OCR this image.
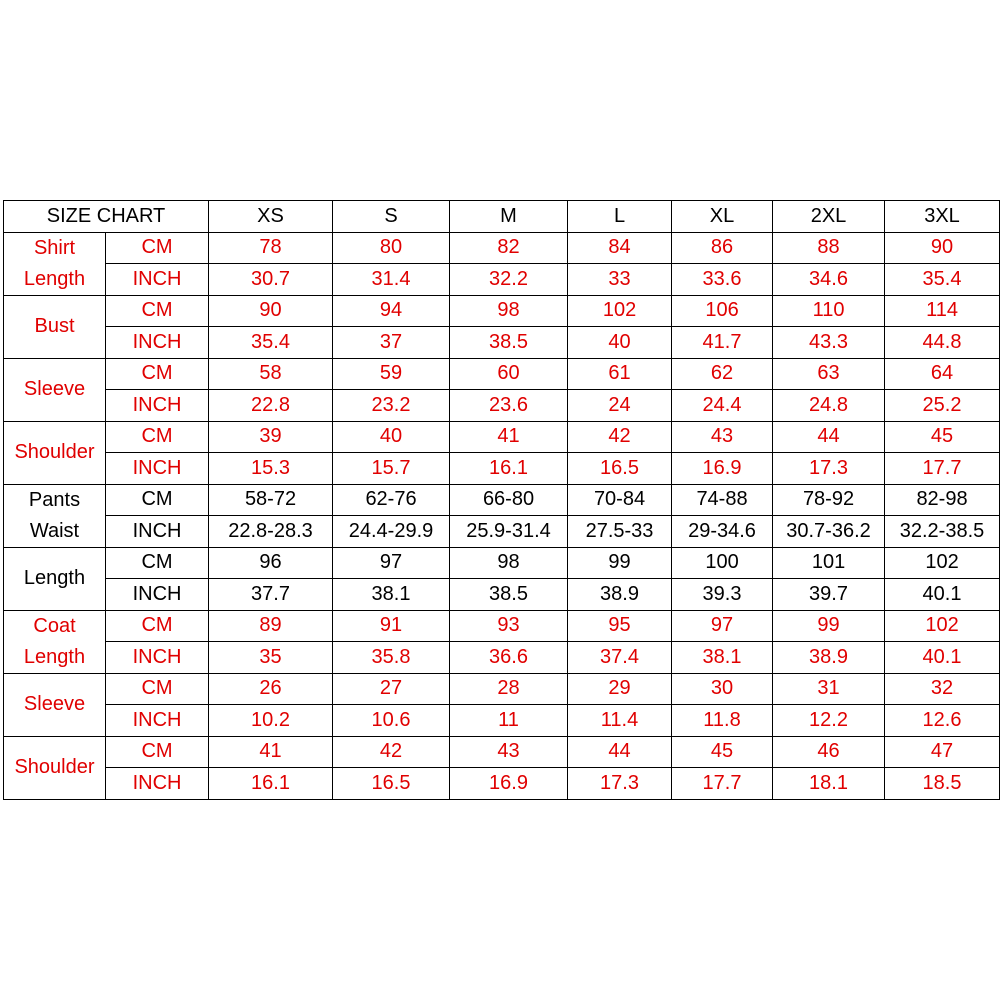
SIZE CHART		XS	S	M	L	XL	2XL	3XL
Shirt
Length	CM	78	80	82	84	86	88	90
	INCH	30.7	31.4	32.2	33	33.6	34.6	35.4
Bust	CM	90	94	98	102	106	110	114
	INCH	35.4	37	38.5	40	41.7	43.3	44.8
Sleeve	CM	58	59	60	61	62	63	64
	INCH	22.8	23.2	23.6	24	24.4	24.8	25.2
Shoulder	CM	39	40	41	42	43	44	45
	INCH	15.3	15.7	16.1	16.5	16.9	17.3	17.7
Pants
Waist	CM	58-72	62-76	66-80	70-84	74-88	78-92	82-98
	INCH	22.8-28.3	24.4-29.9	25.9-31.4	27.5-33	29-34.6	30.7-36.2	32.2-38.5
Length	CM	96	97	98	99	100	101	102
	INCH	37.7	38.1	38.5	38.9	39.3	39.7	40.1
Coat
Length	CM	89	91	93	95	97	99	102
	INCH	35	35.8	36.6	37.4	38.1	38.9	40.1
Sleeve	CM	26	27	28	29	30	31	32
	INCH	10.2	10.6	11	11.4	11.8	12.2	12.6
Shoulder	CM	41	42	43	44	45	46	47
	INCH	16.1	16.5	16.9	17.3	17.7	18.1	18.5
